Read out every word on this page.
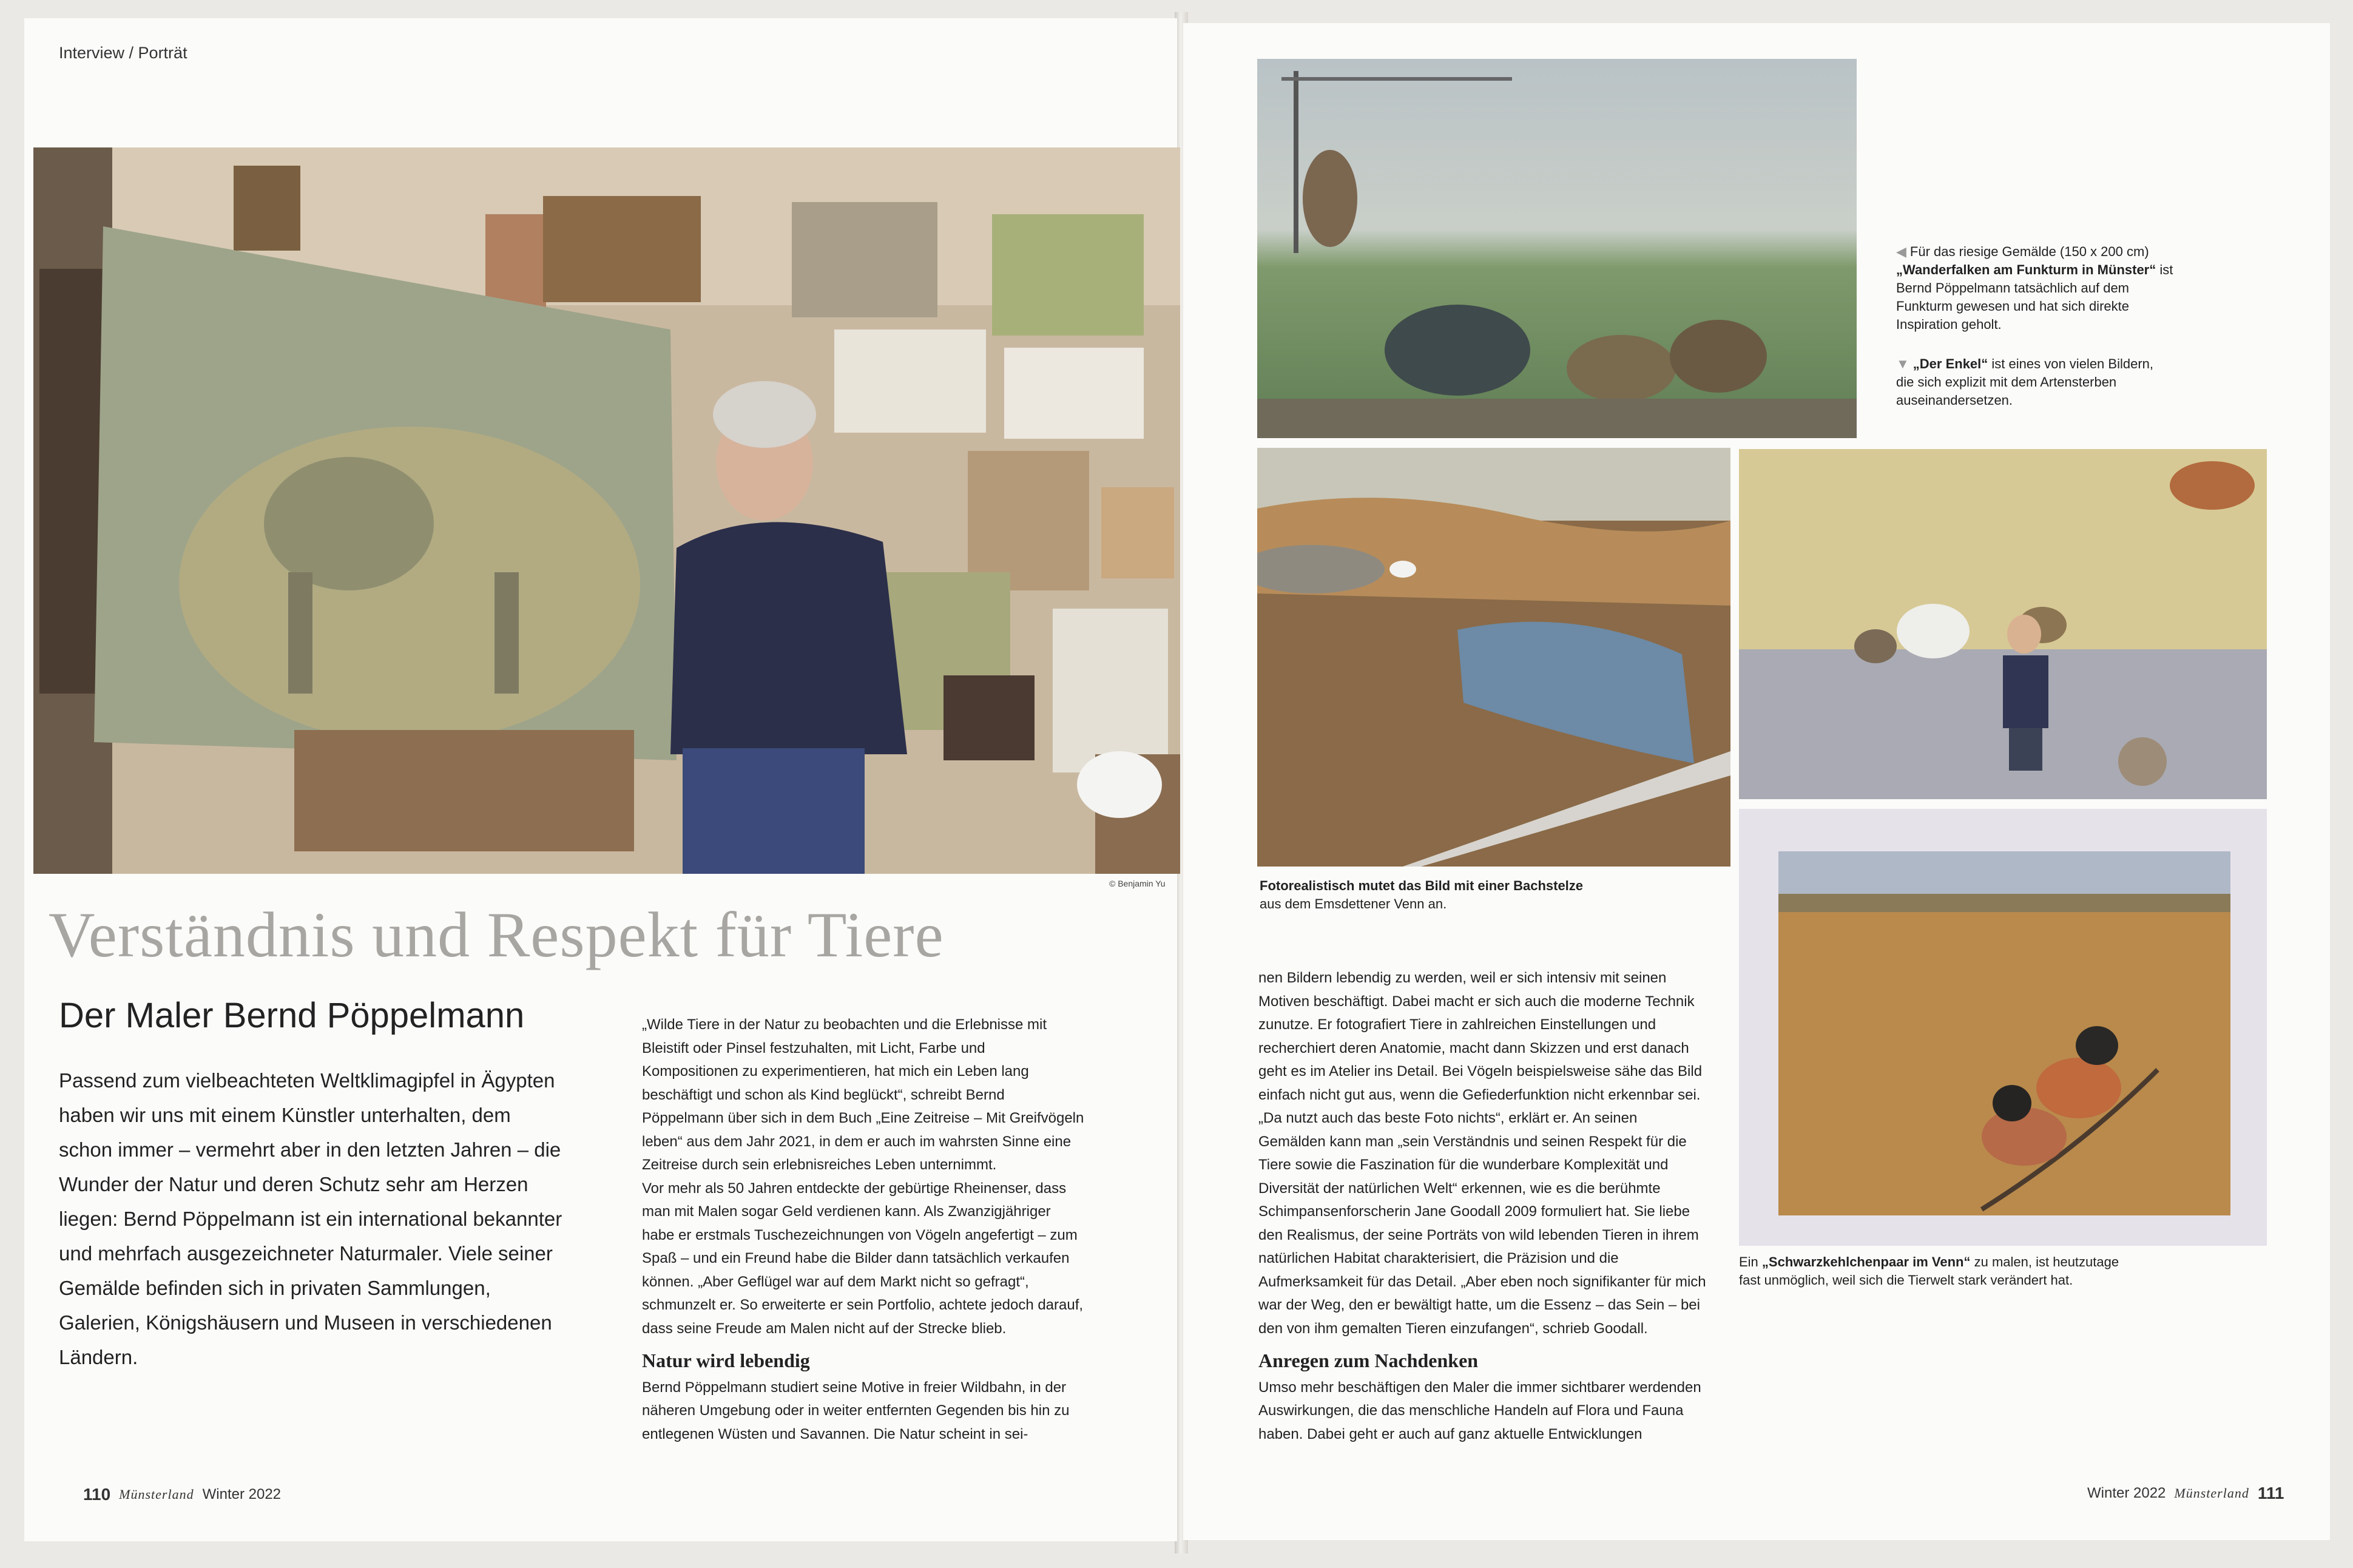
Interview / Porträt
© Benjamin Yu
Verständnis und Respekt für Tiere
Der Maler Bernd Pöppelmann
Passend zum vielbeachteten Weltklimagipfel in Ägypten haben wir uns mit einem Künstler unterhalten, dem schon immer – vermehrt aber in den letzten Jahren – die Wunder der Natur und deren Schutz sehr am Herzen liegen: Bernd Pöppelmann ist ein international bekannter und mehrfach ausgezeichneter Naturmaler. Viele seiner Gemälde befinden sich in privaten Sammlungen, Galerien, Königshäusern und Museen in verschiedenen Ländern.

„Wilde Tiere in der Natur zu beobachten und die Erlebnisse mit Bleistift oder Pinsel festzuhalten, mit Licht, Farbe und Kompositionen zu experimentieren, hat mich ein Leben lang beschäftigt und schon als Kind beglückt“, schreibt Bernd Pöppelmann über sich in dem Buch „Eine Zeitreise – Mit Greifvögeln leben“ aus dem Jahr 2021, in dem er auch im wahrsten Sinne eine Zeitreise durch sein erlebnisreiches Leben unternimmt.

Vor mehr als 50 Jahren entdeckte der gebürtige Rheinenser, dass man mit Malen sogar Geld verdienen kann. Als Zwanzigjähriger habe er erstmals Tuschezeichnungen von Vögeln angefertigt – zum Spaß – und ein Freund habe die Bilder dann tatsächlich verkaufen können. „Aber Geflügel war auf dem Markt nicht so gefragt“, schmunzelt er. So erweiterte er sein Portfolio, achtete jedoch darauf, dass seine Freude am Malen nicht auf der Strecke blieb.

Natur wird lebendig

Bernd Pöppelmann studiert seine Motive in freier Wildbahn, in der näheren Umgebung oder in weiter entfernten Gegenden bis hin zu entlegenen Wüsten und Savannen. Die Natur scheint in sei-

110 Münsterland Winter 2022
◀ Für das riesige Gemälde (150 x 200 cm) „Wanderfalken am Funkturm in Münster“ ist Bernd Pöppelmann tatsächlich auf dem Funkturm gewesen und hat sich direkte Inspiration geholt.
▼ „Der Enkel“ ist eines von vielen Bildern, die sich explizit mit dem Artensterben auseinandersetzen.
Fotorealistisch mutet das Bild mit einer Bachstelze
aus dem Emsdettener Venn an.
Ein „Schwarzkehlchenpaar im Venn“ zu malen, ist heutzutage fast unmöglich, weil sich die Tierwelt stark verändert hat.

nen Bildern lebendig zu werden, weil er sich intensiv mit seinen Motiven beschäftigt. Dabei macht er sich auch die moderne Technik zunutze. Er fotografiert Tiere in zahlreichen Einstellungen und recherchiert deren Anatomie, macht dann Skizzen und erst danach geht es im Atelier ins Detail. Bei Vögeln beispielsweise sähe das Bild einfach nicht gut aus, wenn die Gefiederfunktion nicht erkennbar sei. „Da nutzt auch das beste Foto nichts“, erklärt er. An seinen Gemälden kann man „sein Verständnis und seinen Respekt für die Tiere sowie die Faszination für die wunderbare Komplexität und Diversität der natürlichen Welt“ erkennen, wie es die berühmte Schimpansenforscherin Jane Goodall 2009 formuliert hat. Sie liebe den Realismus, der seine Porträts von wild lebenden Tieren in ihrem natürlichen Habitat charakterisiert, die Präzision und die Aufmerksamkeit für das Detail. „Aber eben noch signifikanter für mich war der Weg, den er bewältigt hatte, um die Essenz – das Sein – bei den von ihm gemalten Tieren einzufangen“, schrieb Goodall.

Anregen zum Nachdenken

Umso mehr beschäftigen den Maler die immer sichtbarer werdenden Auswirkungen, die das menschliche Handeln auf Flora und Fauna haben. Dabei geht er auch auf ganz aktuelle Entwicklungen

Winter 2022 Münsterland 111
